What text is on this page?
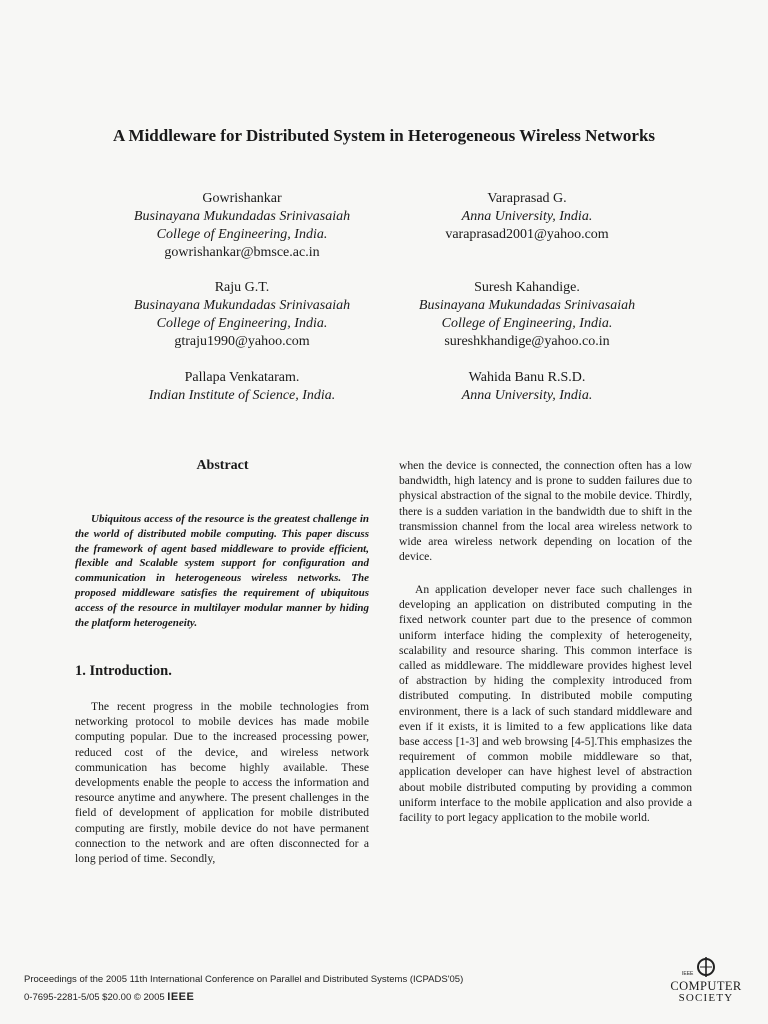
A Middleware for Distributed System in Heterogeneous Wireless Networks
Gowrishankar
Businayana Mukundadas Srinivasaiah
College of Engineering, India.
gowrishankar@bmsce.ac.in
Varaprasad G.
Anna University, India.
varaprasad2001@yahoo.com
Raju G.T.
Businayana Mukundadas Srinivasaiah
College of Engineering, India.
gtraju1990@yahoo.com
Suresh Kahandige.
Businayana Mukundadas Srinivasaiah
College of Engineering, India.
sureshkhandige@yahoo.co.in
Pallapa Venkataram.
Indian Institute of Science, India.
Wahida Banu R.S.D.
Anna University, India.
Abstract

Ubiquitous access of the resource is the greatest challenge in the world of distributed mobile computing. This paper discuss the framework of agent based middleware to provide efficient, flexible and Scalable system support for configuration and communication in heterogeneous wireless networks. The proposed middleware satisfies the requirement of ubiquitous access of the resource in multilayer modular manner by hiding the platform heterogeneity.

1. Introduction.

The recent progress in the mobile technologies from networking protocol to mobile devices has made mobile computing popular. Due to the increased processing power, reduced cost of the device, and wireless network communication has become highly available. These developments enable the people to access the information and resource anytime and anywhere. The present challenges in the field of development of application for mobile distributed computing are firstly, mobile device do not have permanent connection to the network and are often disconnected for a long period of time. Secondly,

when the device is connected, the connection often has a low bandwidth, high latency and is prone to sudden failures due to physical abstraction of the signal to the mobile device. Thirdly, there is a sudden variation in the bandwidth due to shift in the transmission channel from the local area wireless network to wide area wireless network depending on location of the device.

An application developer never face such challenges in developing an application on distributed computing in the fixed network counter part due to the presence of common uniform interface hiding the complexity of heterogeneity, scalability and resource sharing. This common interface is called as middleware. The middleware provides highest level of abstraction by hiding the complexity introduced from distributed computing. In distributed mobile computing environment, there is a lack of such standard middleware and even if it exists, it is limited to a few applications like data base access [1-3] and web browsing [4-5].This emphasizes the requirement of common mobile middleware so that, application developer can have highest level of abstraction about mobile distributed computing by providing a common uniform interface to the mobile application and also provide a facility to port legacy application to the mobile world.

Proceedings of the 2005 11th International Conference on Parallel and Distributed Systems (ICPADS'05)
0-7695-2281-5/05 $20.00 © 2005 IEEE
IEEE
COMPUTER
SOCIETY
